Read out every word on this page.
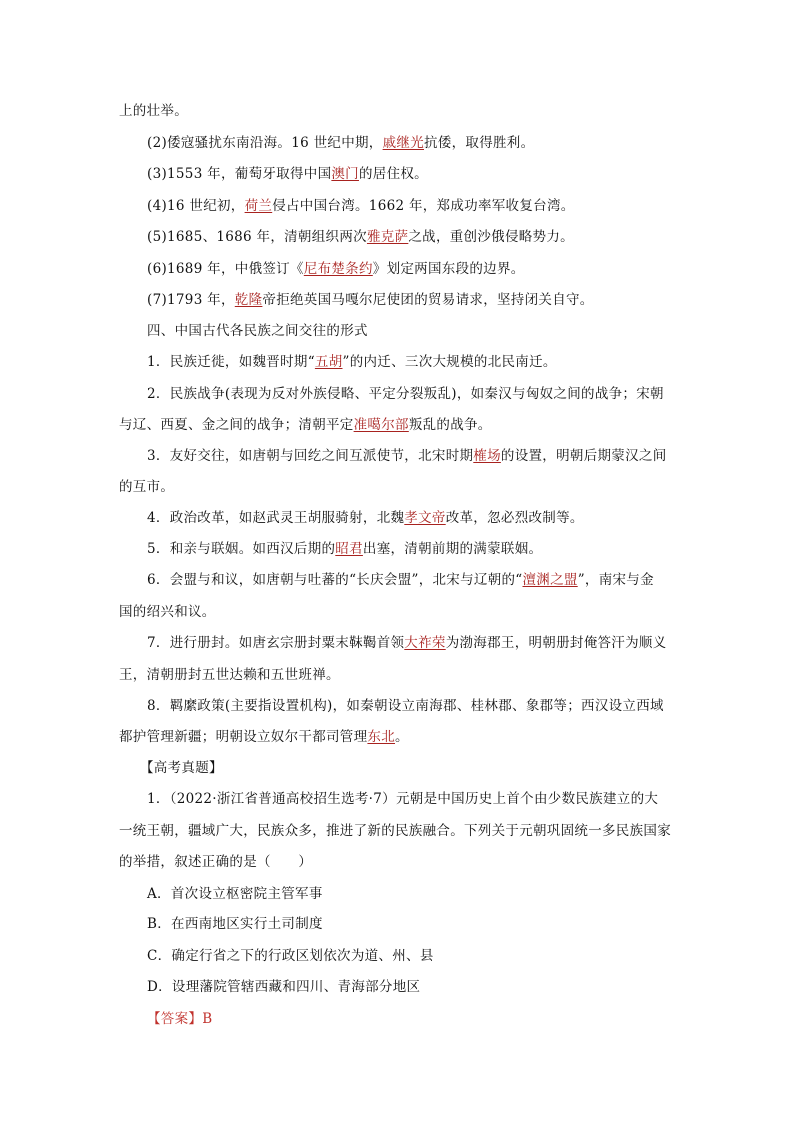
上的壮举。
(2)倭寇骚扰东南沿海。16 世纪中期，戚继光抗倭，取得胜利。
(3)1553 年，葡萄牙取得中国澳门的居住权。
(4)16 世纪初，荷兰侵占中国台湾。1662 年，郑成功率军收复台湾。
(5)1685、1686 年，清朝组织两次雅克萨之战，重创沙俄侵略势力。
(6)1689 年，中俄签订《尼布楚条约》划定两国东段的边界。
(7)1793 年，乾隆帝拒绝英国马嘎尔尼使团的贸易请求，坚持闭关自守。
四、中国古代各民族之间交往的形式
1．民族迁徙，如魏晋时期“五胡”的内迁、三次大规模的北民南迁。
2．民族战争(表现为反对外族侵略、平定分裂叛乱)，如秦汉与匈奴之间的战争；宋朝
与辽、西夏、金之间的战争；清朝平定准噶尔部叛乱的战争。
3．友好交往，如唐朝与回纥之间互派使节，北宋时期榷场的设置，明朝后期蒙汉之间
的互市。
4．政治改革，如赵武灵王胡服骑射，北魏孝文帝改革，忽必烈改制等。
5．和亲与联姻。如西汉后期的昭君出塞，清朝前期的满蒙联姻。
6．会盟与和议，如唐朝与吐蕃的“长庆会盟”，北宋与辽朝的“澶渊之盟”，南宋与金
国的绍兴和议。
7．进行册封。如唐玄宗册封粟末靺鞨首领大祚荣为渤海郡王，明朝册封俺答汗为顺义
王，清朝册封五世达赖和五世班禅。
8．羁縻政策(主要指设置机构)，如秦朝设立南海郡、桂林郡、象郡等；西汉设立西域
都护管理新疆；明朝设立奴尔干都司管理东北。
【高考真题】
1．（2022·浙江省普通高校招生选考·7）元朝是中国历史上首个由少数民族建立的大
一统王朝，疆域广大，民族众多，推进了新的民族融合。下列关于元朝巩固统一多民族国家
的举措，叙述正确的是（　　）
A．首次设立枢密院主管军事
B．在西南地区实行土司制度
C．确定行省之下的行政区划依次为道、州、县
D．设理藩院管辖西藏和四川、青海部分地区
【答案】B
